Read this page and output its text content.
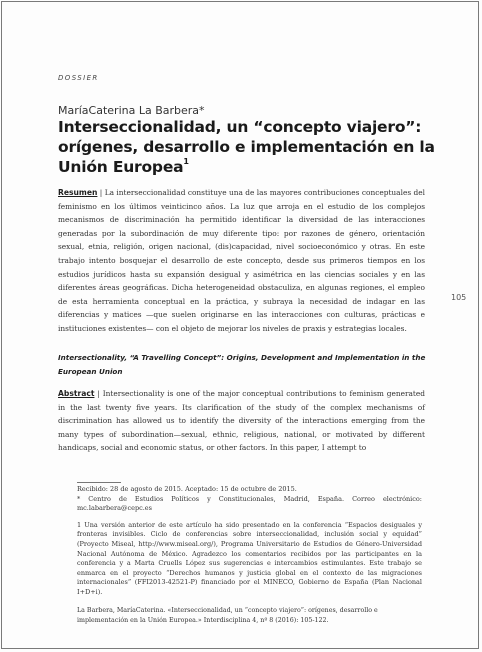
DOSSIER
MaríaCaterina La Barbera*
Interseccionalidad, un “concepto viajero”: orígenes, desarrollo e implementación en la Unión Europea$^1$

Resumen | La interseccionalidad constituye una de las mayores contribuciones conceptuales del feminismo en los últimos veinticinco años. La luz que arroja en el estudio de los complejos mecanismos de discriminación ha permitido identificar la diversidad de las interacciones generadas por la subordinación de muy diferente tipo: por razones de género, orientación sexual, etnia, religión, origen nacional, (dis)capacidad, nivel socioeconómico y otras. En este trabajo intento bosquejar el desarrollo de este concepto, desde sus primeros tiempos en los estudios jurídicos hasta su expansión desigual y asimétrica en las ciencias sociales y en las diferentes áreas geográficas. Dicha heterogeneidad obstaculiza, en algunas regiones, el empleo de esta herramienta conceptual en la práctica, y subraya la necesidad de indagar en las diferencias y matices —que suelen originarse en las interacciones con culturas, prácticas e instituciones existentes— con el objeto de mejorar los niveles de praxis y estrategias locales.

105

Intersectionality, “A Travelling Concept”: Origins, Development and Implementation in the European Union

Abstract | Intersectionality is one of the major conceptual contributions to feminism generated in the last twenty five years. Its clarification of the study of the complex mechanisms of discrimination has allowed us to identify the diversity of the interactions emerging from the many types of subordination—sexual, ethnic, religious, national, or motivated by different handicaps, social and economic status, or other factors. In this paper, I attempt to

Recibido: 28 de agosto de 2015. Aceptado: 15 de octubre de 2015.

* Centro de Estudios Políticos y Constitucionales, Madrid, España. Correo electrónico: mc.labarbera@cepc.es

1 Una versión anterior de este artículo ha sido presentado en la conferencia “Espacios desiguales y fronteras invisibles. Ciclo de conferencias sobre interseccionalidad, inclusión social y equidad” (Proyecto Miseal, http://www.miseal.org/), Programa Universitario de Estudios de Género-Universidad Nacional Autónoma de México. Agradezco los comentarios recibidos por las participantes en la conferencia y a Marta Cruells López sus sugerencias e intercambios estimulantes. Este trabajo se enmarca en el proyecto “Derechos humanos y justicia global en el contexto de las migraciones internacionales” (FFI2013-42521-P) financiado por el MINECO, Gobierno de España (Plan Nacional I+D+i).

La Barbera, MaríaCaterina. «Interseccionalidad, un “concepto viajero”: orígenes, desarrollo e implementación en la Unión Europea.» Interdisciplina 4, nº 8 (2016): 105-122.
